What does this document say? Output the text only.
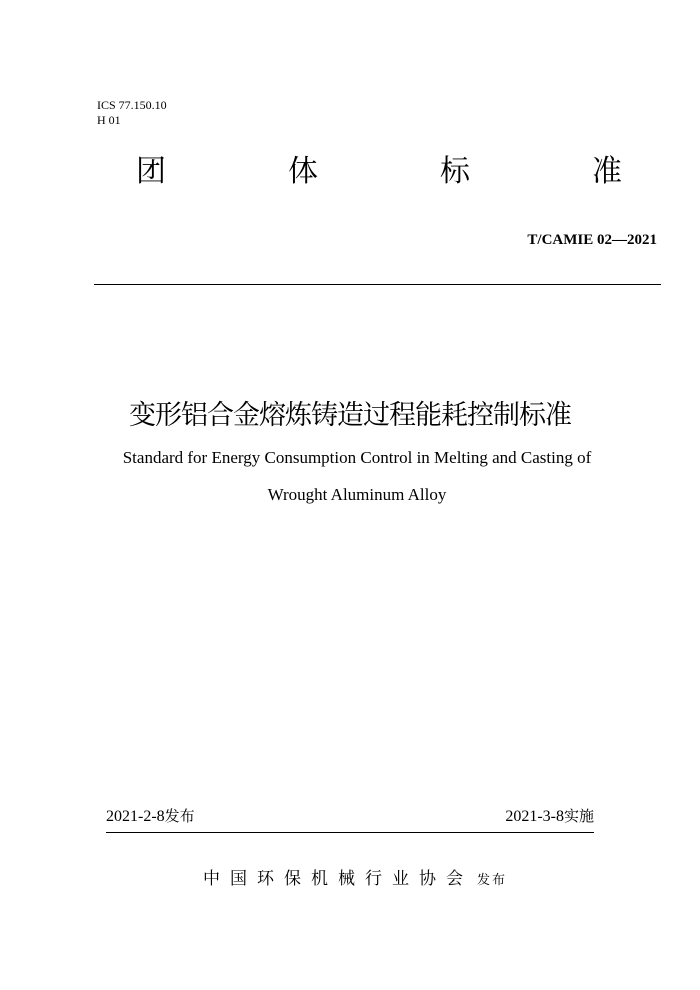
ICS 77.150.10
H 01
团	体	标	准
T/CAMIE 02—2021
变形铝合金熔炼铸造过程能耗控制标准
Standard for Energy Consumption Control in Melting and Casting of
Wrought Aluminum Alloy
2021-2-8发布	2021-3-8实施
中国环保机械行业协会 发布
